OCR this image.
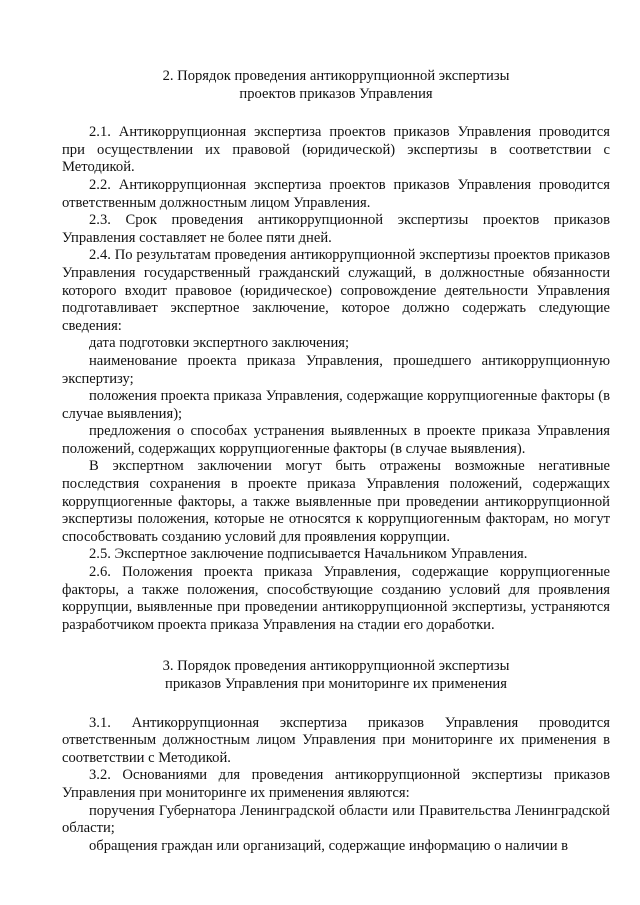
2. Порядок проведения антикоррупционной экспертизы
проектов приказов Управления

2.1. Антикоррупционная экспертиза проектов приказов Управления проводится при осуществлении их правовой (юридической) экспертизы в соответствии с Методикой.

2.2. Антикоррупционная экспертиза проектов приказов Управления проводится ответственным должностным лицом Управления.

2.3. Срок проведения антикоррупционной экспертизы проектов приказов Управления составляет не более пяти дней.

2.4. По результатам проведения антикоррупционной экспертизы проектов приказов Управления государственный гражданский служащий, в должностные обязанности которого входит правовое (юридическое) сопровождение деятельности Управления подготавливает экспертное заключение, которое должно содержать следующие сведения:

дата подготовки экспертного заключения;

наименование проекта приказа Управления, прошедшего антикоррупционную экспертизу;

положения проекта приказа Управления, содержащие коррупциогенные факторы (в случае выявления);

предложения о способах устранения выявленных в проекте приказа Управления положений, содержащих коррупциогенные факторы (в случае выявления).

В экспертном заключении могут быть отражены возможные негативные последствия сохранения в проекте приказа Управления положений, содержащих коррупциогенные факторы, а также выявленные при проведении антикоррупционной экспертизы положения, которые не относятся к коррупциогенным факторам, но могут способствовать созданию условий для проявления коррупции.

2.5. Экспертное заключение подписывается Начальником Управления.

2.6. Положения проекта приказа Управления, содержащие коррупциогенные факторы, а также положения, способствующие созданию условий для проявления коррупции, выявленные при проведении антикоррупционной экспертизы, устраняются разработчиком проекта приказа Управления на стадии его доработки.

3. Порядок проведения антикоррупционной экспертизы
приказов Управления при мониторинге их применения

3.1. Антикоррупционная экспертиза приказов Управления проводится ответственным должностным лицом Управления при мониторинге их применения в соответствии с Методикой.

3.2. Основаниями для проведения антикоррупционной экспертизы приказов Управления при мониторинге их применения являются:

поручения Губернатора Ленинградской области или Правительства Ленинградской области;

обращения граждан или организаций, содержащие информацию о наличии в
